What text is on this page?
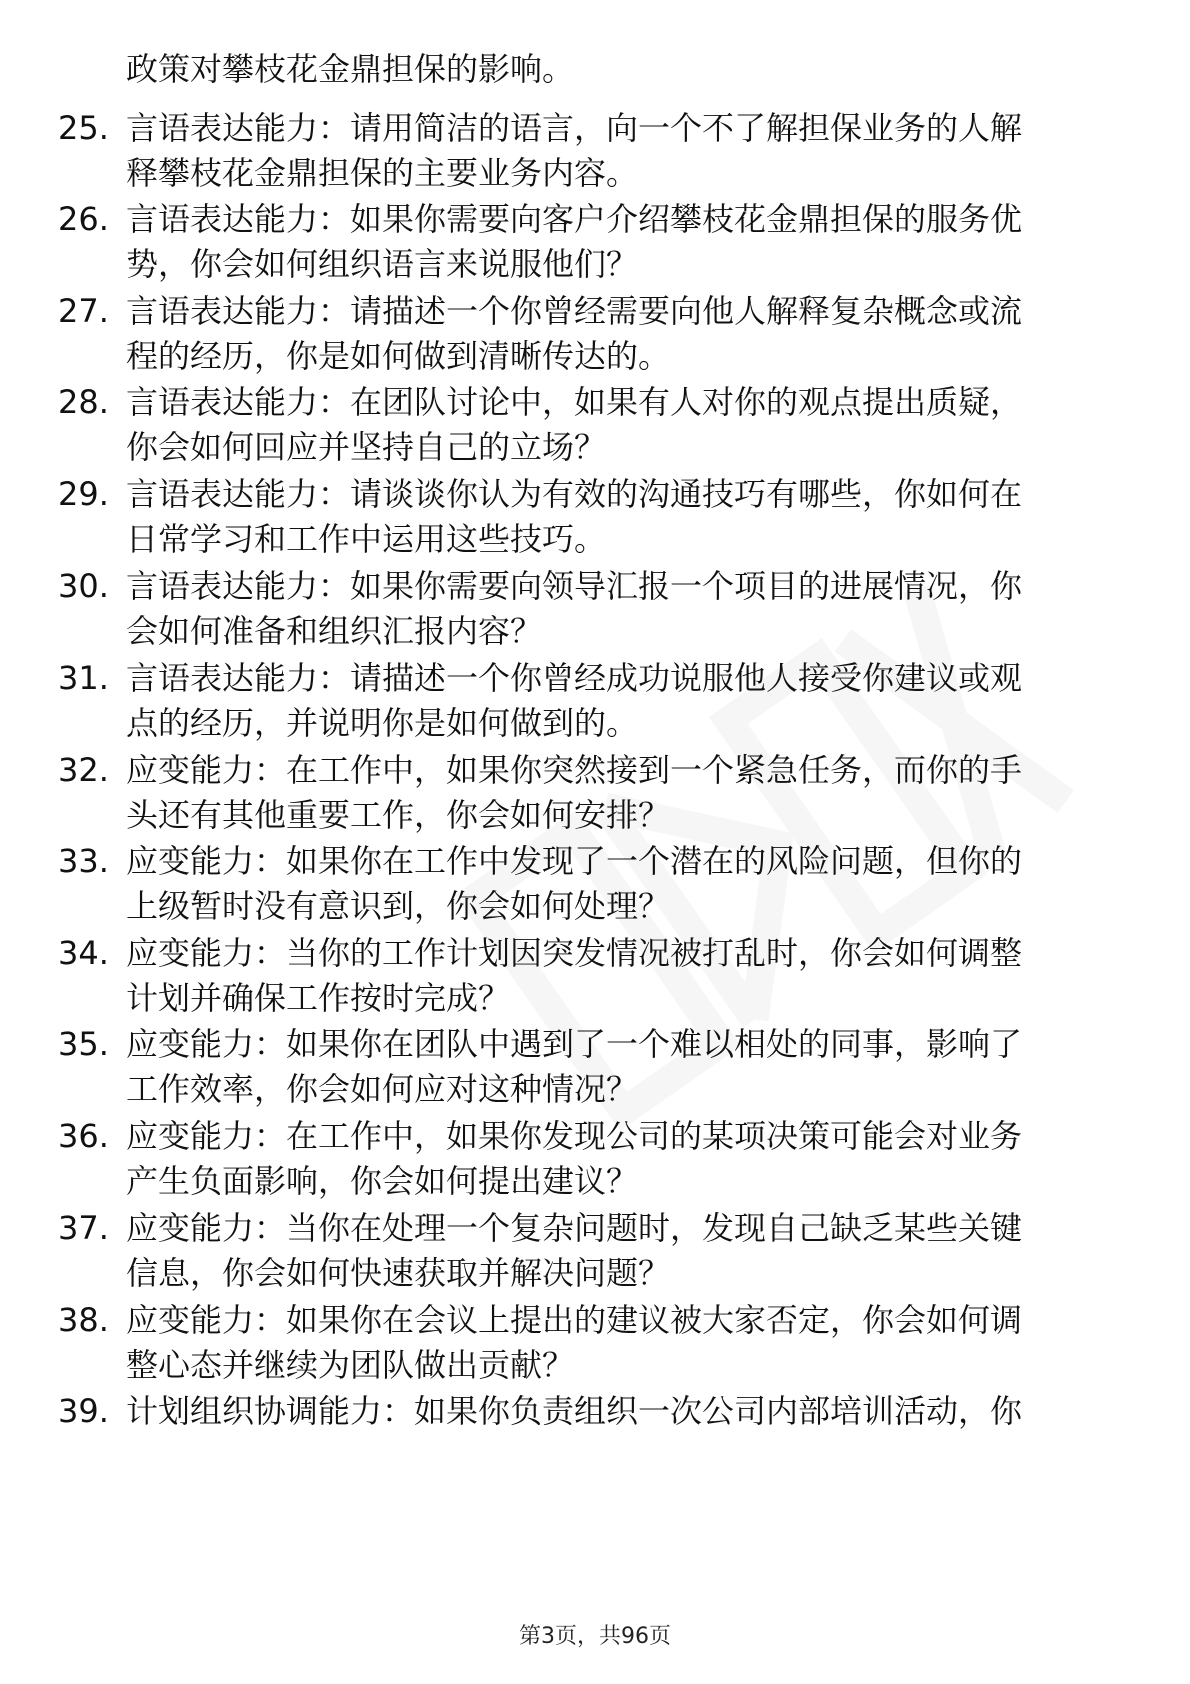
政策对攀枝花金鼎担保的影响。
25. 言语表达能力：请用简洁的语言，向一个不了解担保业务的人解
释攀枝花金鼎担保的主要业务内容。
26. 言语表达能力：如果你需要向客户介绍攀枝花金鼎担保的服务优
势，你会如何组织语言来说服他们？
27. 言语表达能力：请描述一个你曾经需要向他人解释复杂概念或流
程的经历，你是如何做到清晰传达的。
28. 言语表达能力：在团队讨论中，如果有人对你的观点提出质疑，
你会如何回应并坚持自己的立场？
29. 言语表达能力：请谈谈你认为有效的沟通技巧有哪些，你如何在
日常学习和工作中运用这些技巧。
30. 言语表达能力：如果你需要向领导汇报一个项目的进展情况，你
会如何准备和组织汇报内容？
31. 言语表达能力：请描述一个你曾经成功说服他人接受你建议或观
点的经历，并说明你是如何做到的。
32. 应变能力：在工作中，如果你突然接到一个紧急任务，而你的手
头还有其他重要工作，你会如何安排？
33. 应变能力：如果你在工作中发现了一个潜在的风险问题，但你的
上级暂时没有意识到，你会如何处理？
34. 应变能力：当你的工作计划因突发情况被打乱时，你会如何调整
计划并确保工作按时完成？
35. 应变能力：如果你在团队中遇到了一个难以相处的同事，影响了
工作效率，你会如何应对这种情况？
36. 应变能力：在工作中，如果你发现公司的某项决策可能会对业务
产生负面影响，你会如何提出建议？
37. 应变能力：当你在处理一个复杂问题时，发现自己缺乏某些关键
信息，你会如何快速获取并解决问题？
38. 应变能力：如果你在会议上提出的建议被大家否定，你会如何调
整心态并继续为团队做出贡献？
39. 计划组织协调能力：如果你负责组织一次公司内部培训活动，你
第3页，共96页
